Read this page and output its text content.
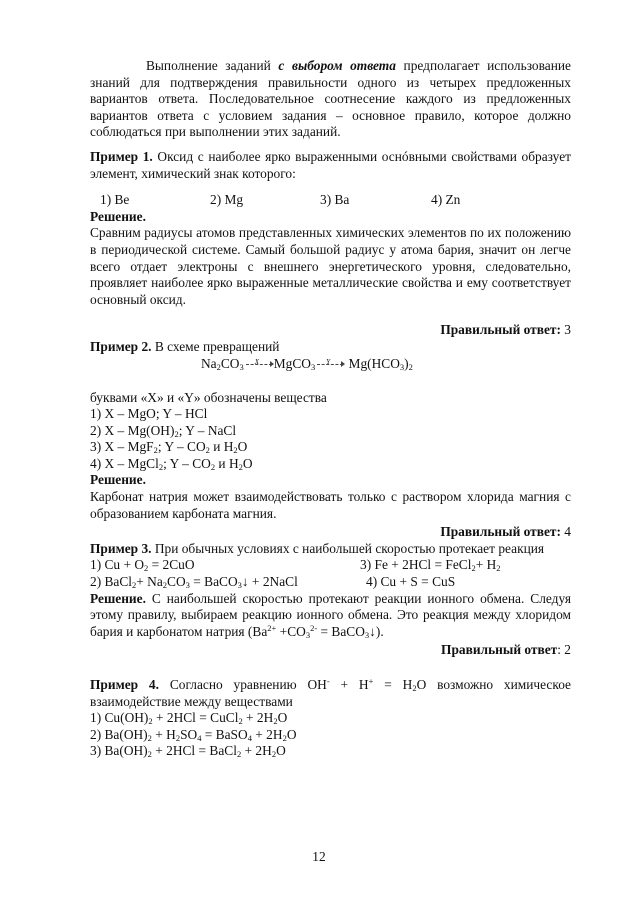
Выполнение заданий с выбором ответа предполагает использование знаний для подтверждения правильности одного из четырех предложенных вариантов ответа. Последовательное соотнесение каждого из предложенных вариантов ответа с условием задания – основное правило, которое должно соблюдаться при выполнении этих заданий.

Пример 1. Оксид с наиболее ярко выраженными оснóвными свойствами образует элемент, химический знак которого:

1) Be	2) Mg	3) Ba	4) Zn

Решение.

Сравним радиусы атомов представленных химических элементов по их положению в периодической системе. Самый большой радиус у атома бария, значит он легче всего отдает электроны с внешнего энергетического уровня, следовательно, проявляет наиболее ярко выраженные металлические свойства и ему соответствует основный оксид.

Правильный ответ: 3

Пример 2. В схеме превращений

$Na_2CO_3$ X MgCO$_3$ Y $Mg(HCO_3)_2$

буквами «X» и «Y» обозначены вещества

1) X – MgO; Y – HCl

2) X – $Mg(OH)_2$; Y – NaCl

3) X – MgF$_2$; Y – $CO_2$ и $H_2O$

4) X – MgCl$_2$; Y – $CO_2$ и $H_2O$

Решение.

Карбонат натрия может взаимодействовать только с раствором хлорида магния с образованием карбоната магния.

Правильный ответ: 4

Пример 3. При обычных условиях с наибольшей скоростью протекает реакция

1) $Cu + O_2 = 2CuO$	3) Fe + 2HCl = FeCl$_2$+ $H_2$
2) BaCl$_2$+ $Na_2CO_3$ = BaCO$_3$↓ + 2NaCl	4) Cu + S = CuS

Решение. С наибольшей скоростью протекают реакции ионного обмена. Следуя этому правилу, выбираем реакцию ионного обмена. Это реакция между хлоридом бария и карбонатом натрия ($Ba^{2+} +CO_3^{2-}$ = BaCO$_3$↓).

Правильный ответ: 2

Пример 4. Согласно уравнению $OH^- + H^+ = H_2O$ возможно химическое взаимодействие между веществами

1) $Cu(OH)_2 + 2HCl$ = CuCl$_2$ + $2H_2O$

2) $Ba(OH)_2 + H_2SO_4$ = BaSO$_4$ + $2H_2O$

3) $Ba(OH)_2 + 2HCl$ = BaCl$_2$ + $2H_2O$

12
